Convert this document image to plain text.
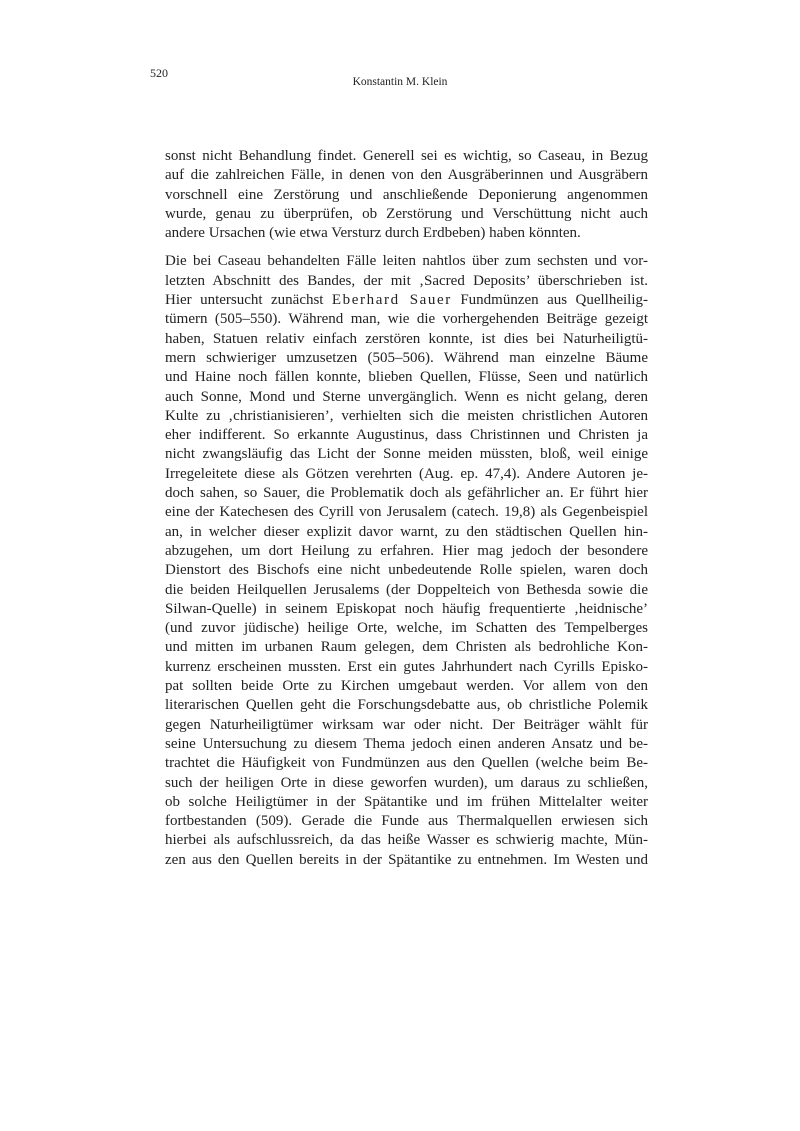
520
Konstantin M. Klein
sonst nicht Behandlung findet. Generell sei es wichtig, so Caseau, in Bezug
auf die zahlreichen Fälle, in denen von den Ausgräberinnen und Ausgräbern
vorschnell eine Zerstörung und anschließende Deponierung angenommen
wurde, genau zu überprüfen, ob Zerstörung und Verschüttung nicht auch
andere Ursachen (wie etwa Versturz durch Erdbeben) haben könnten.
Die bei Caseau behandelten Fälle leiten nahtlos über zum sechsten und vor-
letzten Abschnitt des Bandes, der mit ‚Sacred Deposits’ überschrieben ist.
Hier untersucht zunächst Eberhard Sauer Fundmünzen aus Quellheilig-
tümern (505–550). Während man, wie die vorhergehenden Beiträge gezeigt
haben, Statuen relativ einfach zerstören konnte, ist dies bei Naturheiligtü-
mern schwieriger umzusetzen (505–506). Während man einzelne Bäume
und Haine noch fällen konnte, blieben Quellen, Flüsse, Seen und natürlich
auch Sonne, Mond und Sterne unvergänglich. Wenn es nicht gelang, deren
Kulte zu ‚christianisieren’, verhielten sich die meisten christlichen Autoren
eher indifferent. So erkannte Augustinus, dass Christinnen und Christen ja
nicht zwangsläufig das Licht der Sonne meiden müssten, bloß, weil einige
Irregeleitete diese als Götzen verehrten (Aug. ep. 47,4). Andere Autoren je-
doch sahen, so Sauer, die Problematik doch als gefährlicher an. Er führt hier
eine der Katechesen des Cyrill von Jerusalem (catech. 19,8) als Gegenbeispiel
an, in welcher dieser explizit davor warnt, zu den städtischen Quellen hin-
abzugehen, um dort Heilung zu erfahren. Hier mag jedoch der besondere
Dienstort des Bischofs eine nicht unbedeutende Rolle spielen, waren doch
die beiden Heilquellen Jerusalems (der Doppelteich von Bethesda sowie die
Silwan-Quelle) in seinem Episkopat noch häufig frequentierte ‚heidnische’
(und zuvor jüdische) heilige Orte, welche, im Schatten des Tempelberges
und mitten im urbanen Raum gelegen, dem Christen als bedrohliche Kon-
kurrenz erscheinen mussten. Erst ein gutes Jahrhundert nach Cyrills Episko-
pat sollten beide Orte zu Kirchen umgebaut werden. Vor allem von den
literarischen Quellen geht die Forschungsdebatte aus, ob christliche Polemik
gegen Naturheiligtümer wirksam war oder nicht. Der Beiträger wählt für
seine Untersuchung zu diesem Thema jedoch einen anderen Ansatz und be-
trachtet die Häufigkeit von Fundmünzen aus den Quellen (welche beim Be-
such der heiligen Orte in diese geworfen wurden), um daraus zu schließen,
ob solche Heiligtümer in der Spätantike und im frühen Mittelalter weiter
fortbestanden (509). Gerade die Funde aus Thermalquellen erwiesen sich
hierbei als aufschlussreich, da das heiße Wasser es schwierig machte, Mün-
zen aus den Quellen bereits in der Spätantike zu entnehmen. Im Westen und
